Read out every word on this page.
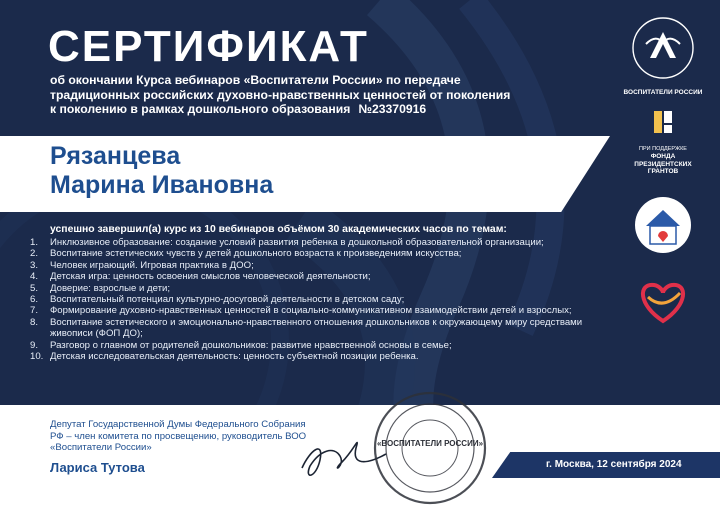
СЕРТИФИКАТ
об окончании Курса вебинаров «Воспитатели России» по передаче
традиционных российских духовно-нравственных ценностей от поколения
к поколению в рамках дошкольного образования №23370916
Рязанцева
Марина Ивановна
успешно завершил(а) курс из 10 вебинаров объёмом 30 академических часов по темам:
1.	Инклюзивное образование: создание условий развития ребенка в дошкольной образовательной организации;
2.	Воспитание эстетических чувств у детей дошкольного возраста к произведениям искусства;
3.	Человек играющий. Игровая практика в ДОО;
4.	Детская игра: ценность освоения смыслов человеческой деятельности;
5.	Доверие: взрослые и дети;
6.	Воспитательный потенциал культурно-досуговой деятельности в детском саду;
7.	Формирование духовно-нравственных ценностей в социально-коммуникативном взаимодействии детей и взрослых;
8.	Воспитание эстетического и эмоционально-нравственного отношения дошкольников к окружающему миру средствами живописи (ФОП ДО);
9.	Разговор о главном от родителей дошкольников: развитие нравственной основы в семье;
10. Детская исследовательская деятельность: ценность субъектной позиции ребенка.
ВОСПИТАТЕЛИ РОССИИ
ПРИ ПОДДЕРЖКЕ
ФОНДА ПРЕЗИДЕНТСКИХ ГРАНТОВ

Депутат Государственной Думы Федерального Собрания РФ – член комитета по просвещению, руководитель ВОО «Воспитатели России»
Лариса Тутова
«ВОСПИТАТЕЛИ РОССИИ»
г. Москва, 12 сентября 2024
